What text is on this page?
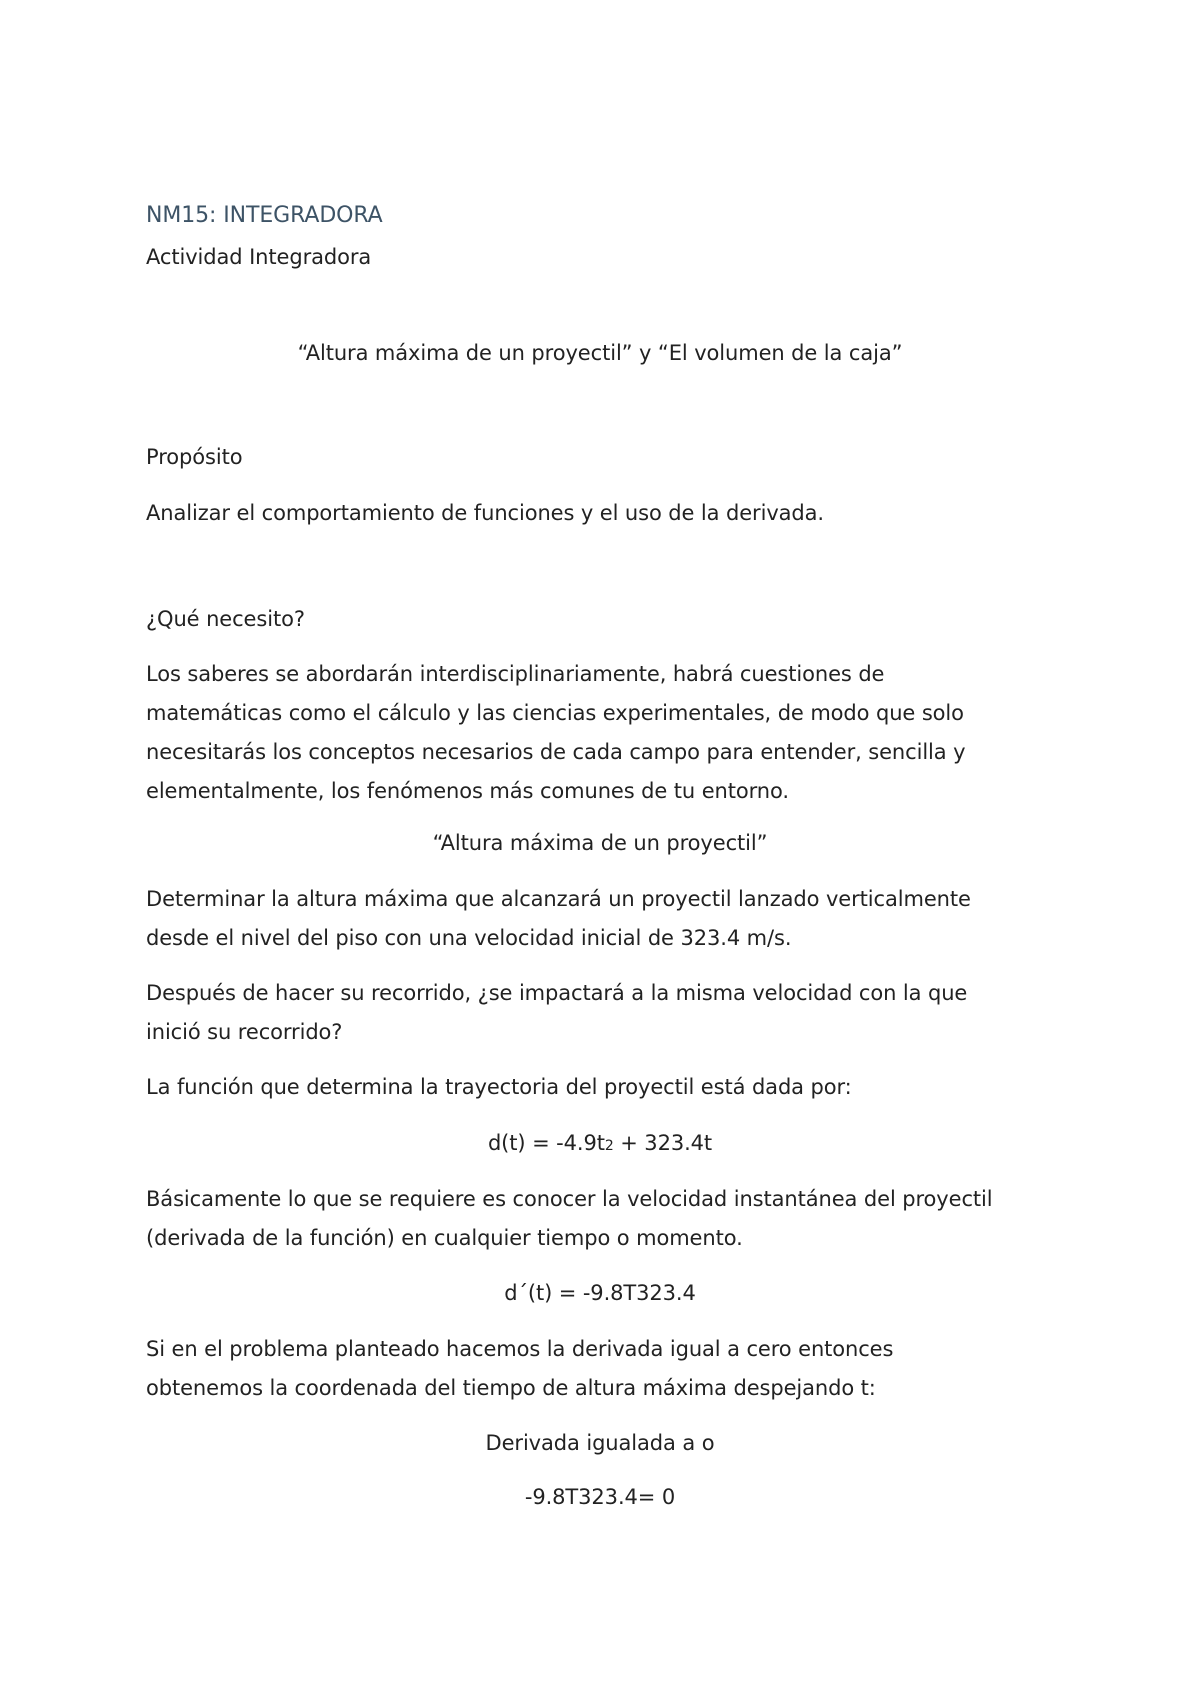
NM15: INTEGRADORA
Actividad Integradora
“Altura máxima de un proyectil” y “El volumen de la caja”
Propósito
Analizar el comportamiento de funciones y el uso de la derivada.
¿Qué necesito?
Los saberes se abordarán interdisciplinariamente, habrá cuestiones de
matemáticas como el cálculo y las ciencias experimentales, de modo que solo
necesitarás los conceptos necesarios de cada campo para entender, sencilla y
elementalmente, los fenómenos más comunes de tu entorno.
“Altura máxima de un proyectil”
Determinar la altura máxima que alcanzará un proyectil lanzado verticalmente
desde el nivel del piso con una velocidad inicial de 323.4 m/s.
Después de hacer su recorrido, ¿se impactará a la misma velocidad con la que
inició su recorrido?
La función que determina la trayectoria del proyectil está dada por:
d(t) = -4.9t2 + 323.4t
Básicamente lo que se requiere es conocer la velocidad instantánea del proyectil
(derivada de la función) en cualquier tiempo o momento.
d´(t) = -9.8T323.4
Si en el problema planteado hacemos la derivada igual a cero entonces
obtenemos la coordenada del tiempo de altura máxima despejando t:
Derivada igualada a o
-9.8T323.4= 0
